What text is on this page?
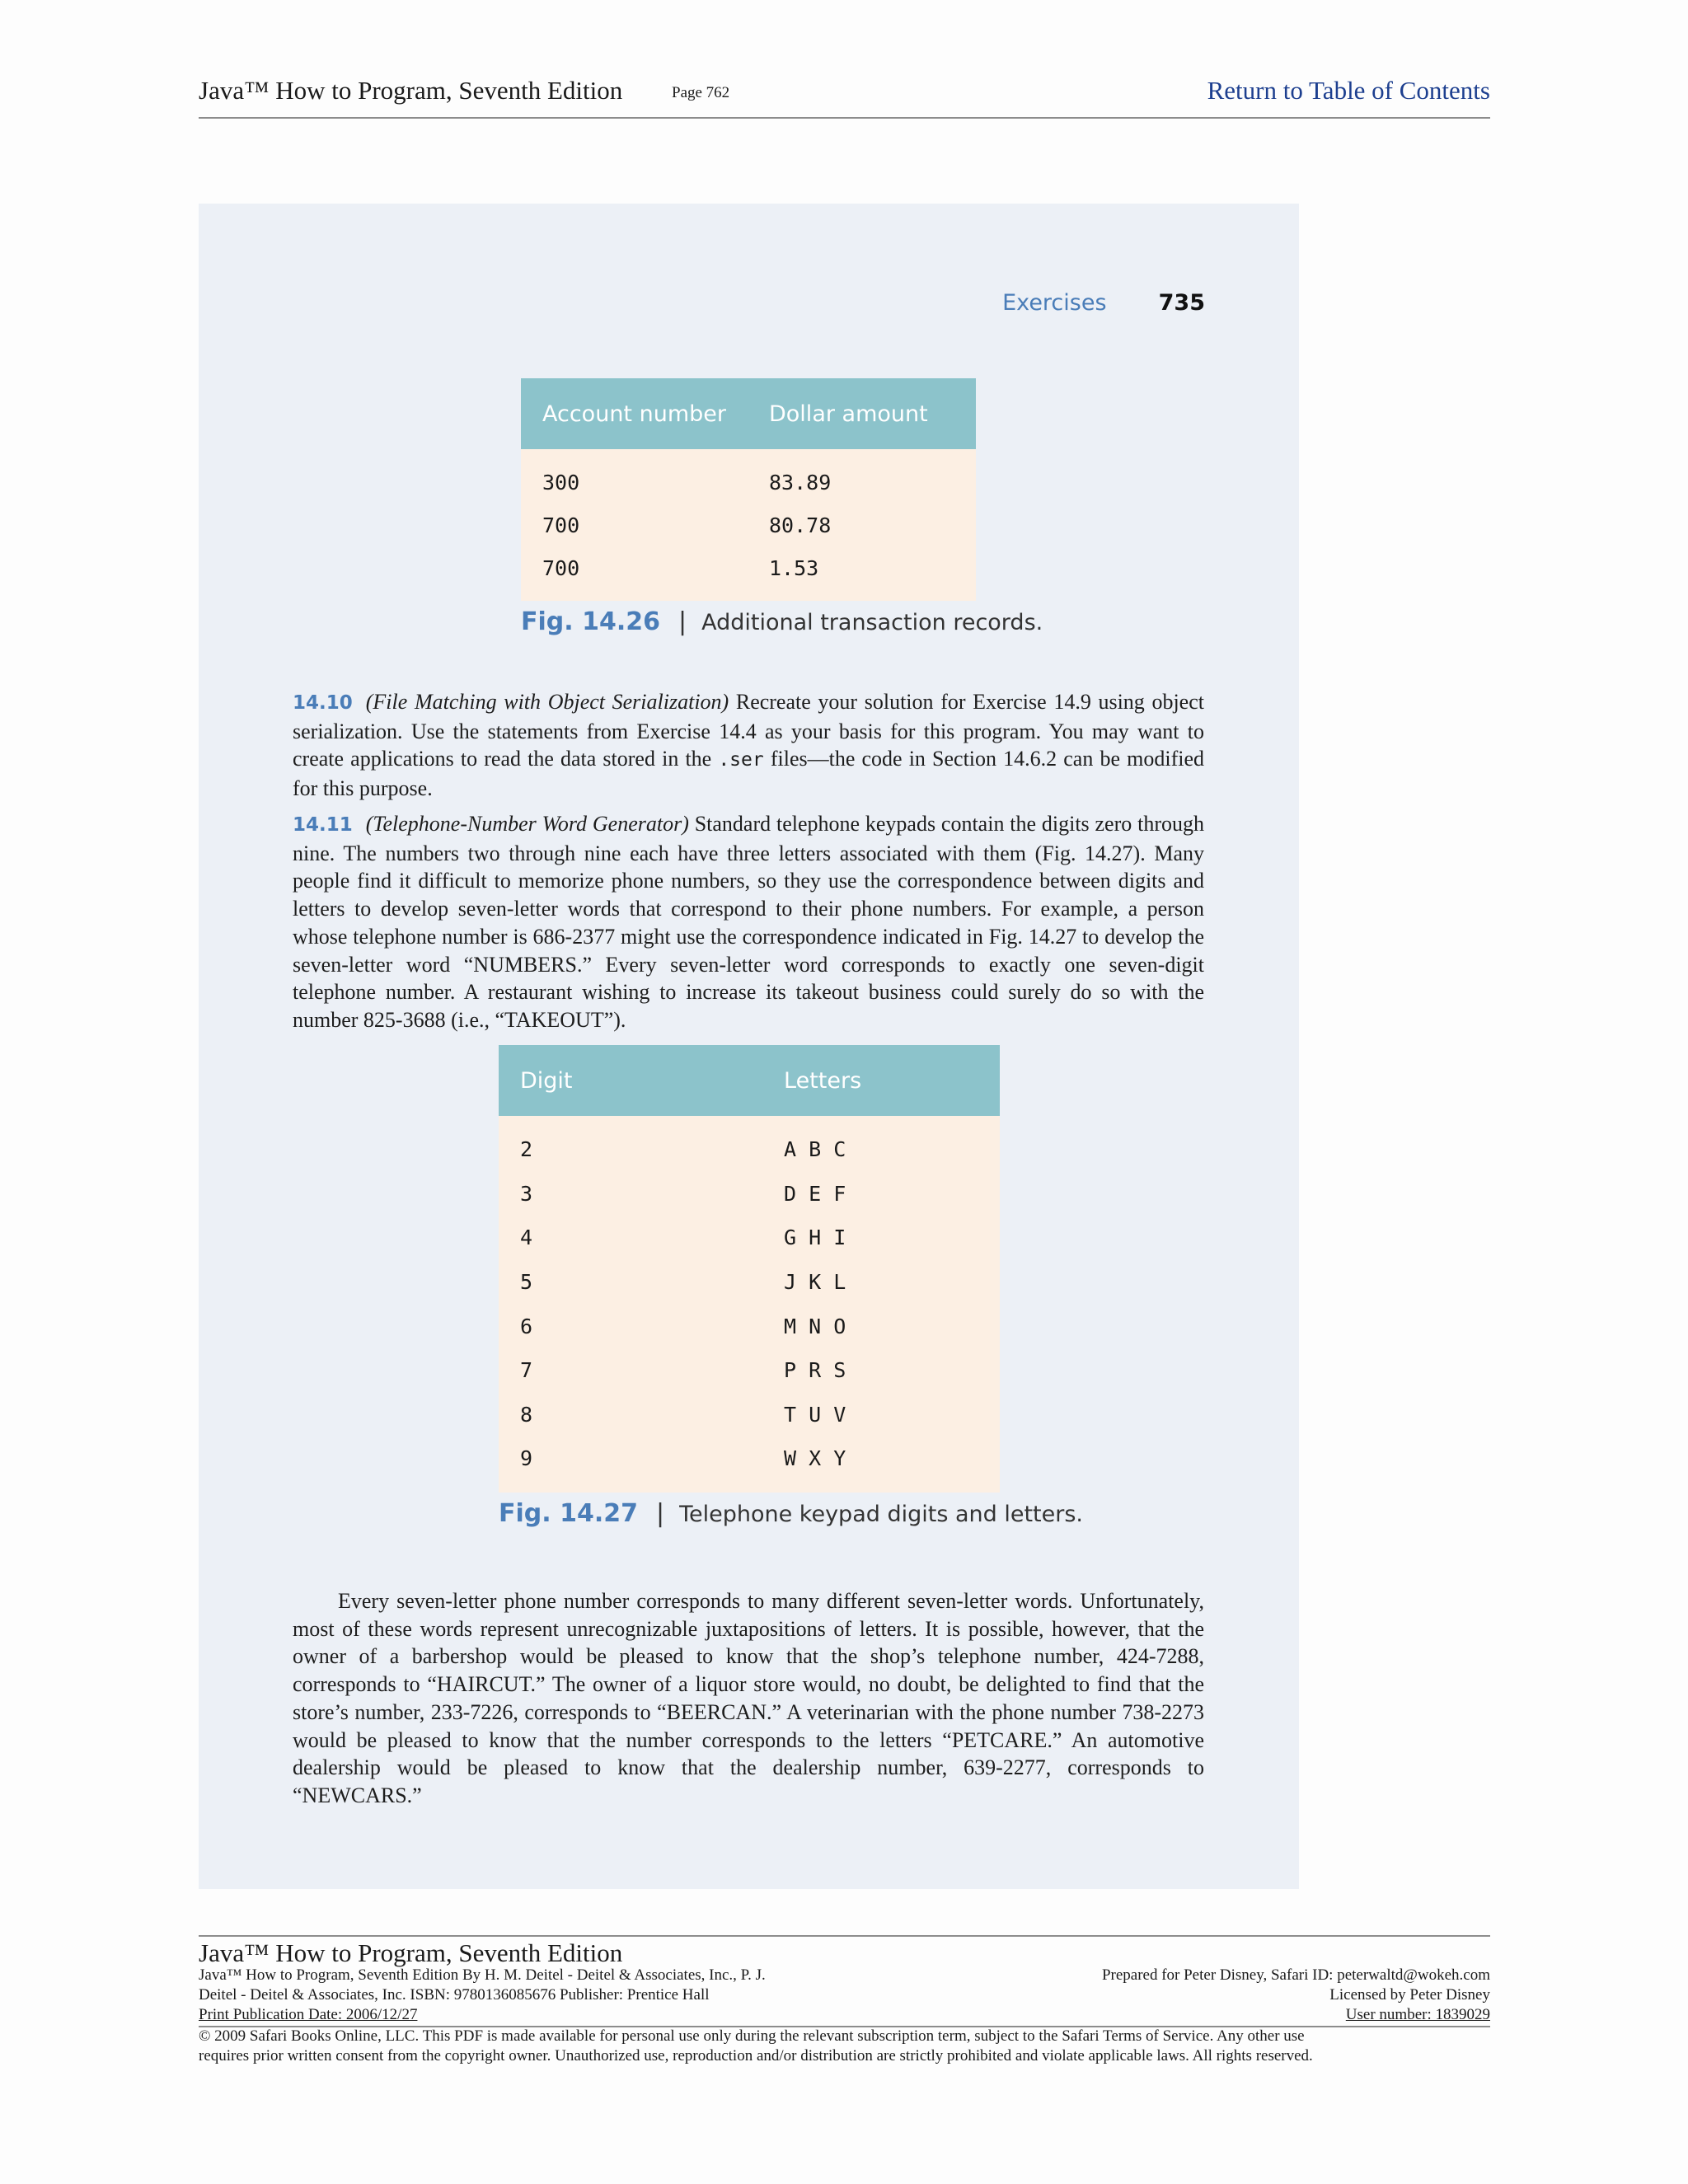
Java™ How to Program, Seventh Edition	Page 762	Return to Table of Contents
Exercises 735
Account number	Dollar amount
300	83.89
700	80.78
700	1.53
Fig. 14.26 | Additional transaction records.

14.10 (File Matching with Object Serialization) Recreate your solution for Exercise 14.9 using object serialization. Use the statements from Exercise 14.4 as your basis for this program. You may want to create applications to read the data stored in the .ser files—the code in Section 14.6.2 can be modified for this purpose.

14.11 (Telephone-Number Word Generator) Standard telephone keypads contain the digits zero through nine. The numbers two through nine each have three letters associated with them (Fig. 14.27). Many people find it difficult to memorize phone numbers, so they use the correspondence between digits and letters to develop seven-letter words that correspond to their phone numbers. For example, a person whose telephone number is 686-2377 might use the correspondence indicated in Fig. 14.27 to develop the seven-letter word “NUMBERS.” Every seven-letter word corresponds to exactly one seven-digit telephone number. A restaurant wishing to increase its takeout business could surely do so with the number 825-3688 (i.e., “TAKEOUT”).

Digit	Letters
2	A B C
3	D E F
4	G H I
5	J K L
6	M N O
7	P R S
8	T U V
9	W X Y
Fig. 14.27 | Telephone keypad digits and letters.

Every seven-letter phone number corresponds to many different seven-letter words. Unfortunately, most of these words represent unrecognizable juxtapositions of letters. It is possible, however, that the owner of a barbershop would be pleased to know that the shop’s telephone number, 424-7288, corresponds to “HAIRCUT.” The owner of a liquor store would, no doubt, be delighted to find that the store’s number, 233-7226, corresponds to “BEERCAN.” A veterinarian with the phone number 738-2273 would be pleased to know that the number corresponds to the letters “PETCARE.” An automotive dealership would be pleased to know that the dealership number, 639-2277, corresponds to “NEWCARS.”

Java™ How to Program, Seventh Edition
Java™ How to Program, Seventh Edition By H. M. Deitel - Deitel & Associates, Inc., P. J.
Deitel - Deitel & Associates, Inc. ISBN: 9780136085676 Publisher: Prentice Hall
Print Publication Date: 2006/12/27
Prepared for Peter Disney, Safari ID: peterwaltd@wokeh.com
Licensed by Peter Disney
User number: 1839029
© 2009 Safari Books Online, LLC. This PDF is made available for personal use only during the relevant subscription term, subject to the Safari Terms of Service. Any other use
requires prior written consent from the copyright owner. Unauthorized use, reproduction and/or distribution are strictly prohibited and violate applicable laws. All rights reserved.
